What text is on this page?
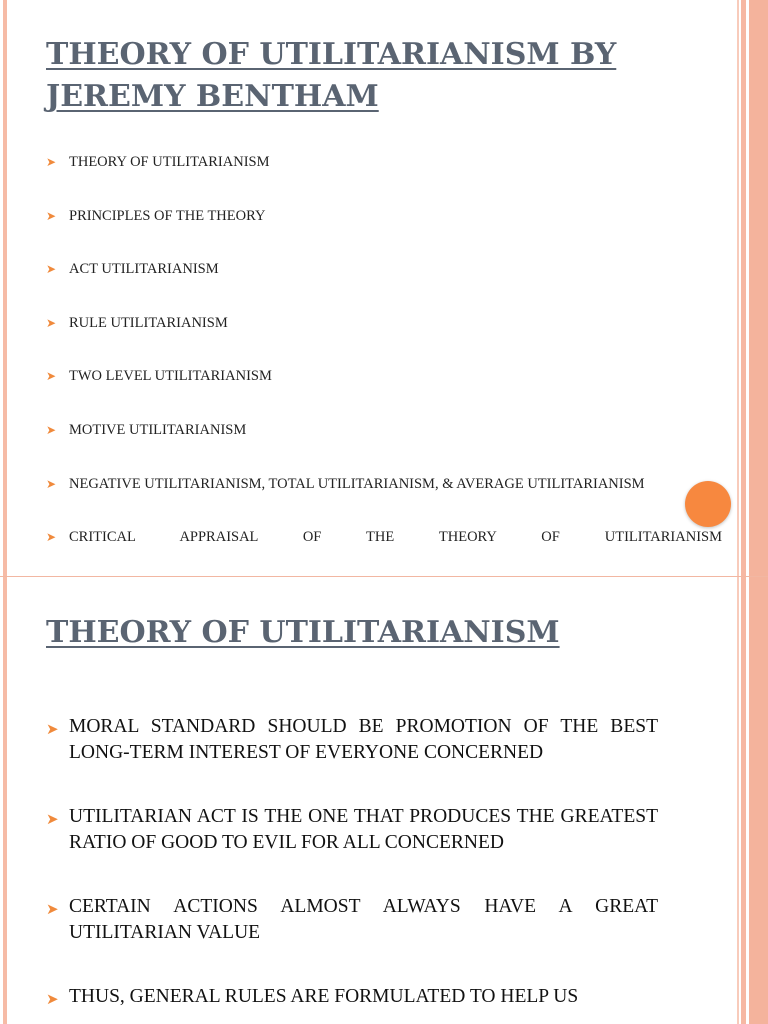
THEORY OF UTILITARIANISM BY JEREMY BENTHAM
➤ THEORY OF UTILITARIANISM
➤ PRINCIPLES OF THE THEORY
➤ ACT UTILITARIANISM
➤ RULE UTILITARIANISM
➤ TWO LEVEL UTILITARIANISM
➤ MOTIVE UTILITARIANISM
➤ NEGATIVE UTILITARIANISM, TOTAL UTILITARIANISM, & AVERAGE UTILITARIANISM
➤ CRITICAL APPRAISAL OF THE THEORY OF UTILITARIANISM
THEORY OF UTILITARIANISM
➤ MORAL STANDARD SHOULD BE PROMOTION OF THE BEST LONG-TERM INTEREST OF EVERYONE CONCERNED
➤ UTILITARIAN ACT IS THE ONE THAT PRODUCES THE GREATEST RATIO OF GOOD TO EVIL FOR ALL CONCERNED
➤ CERTAIN ACTIONS ALMOST ALWAYS HAVE A GREAT UTILITARIAN VALUE
➤ THUS, GENERAL RULES ARE FORMULATED TO HELP US
